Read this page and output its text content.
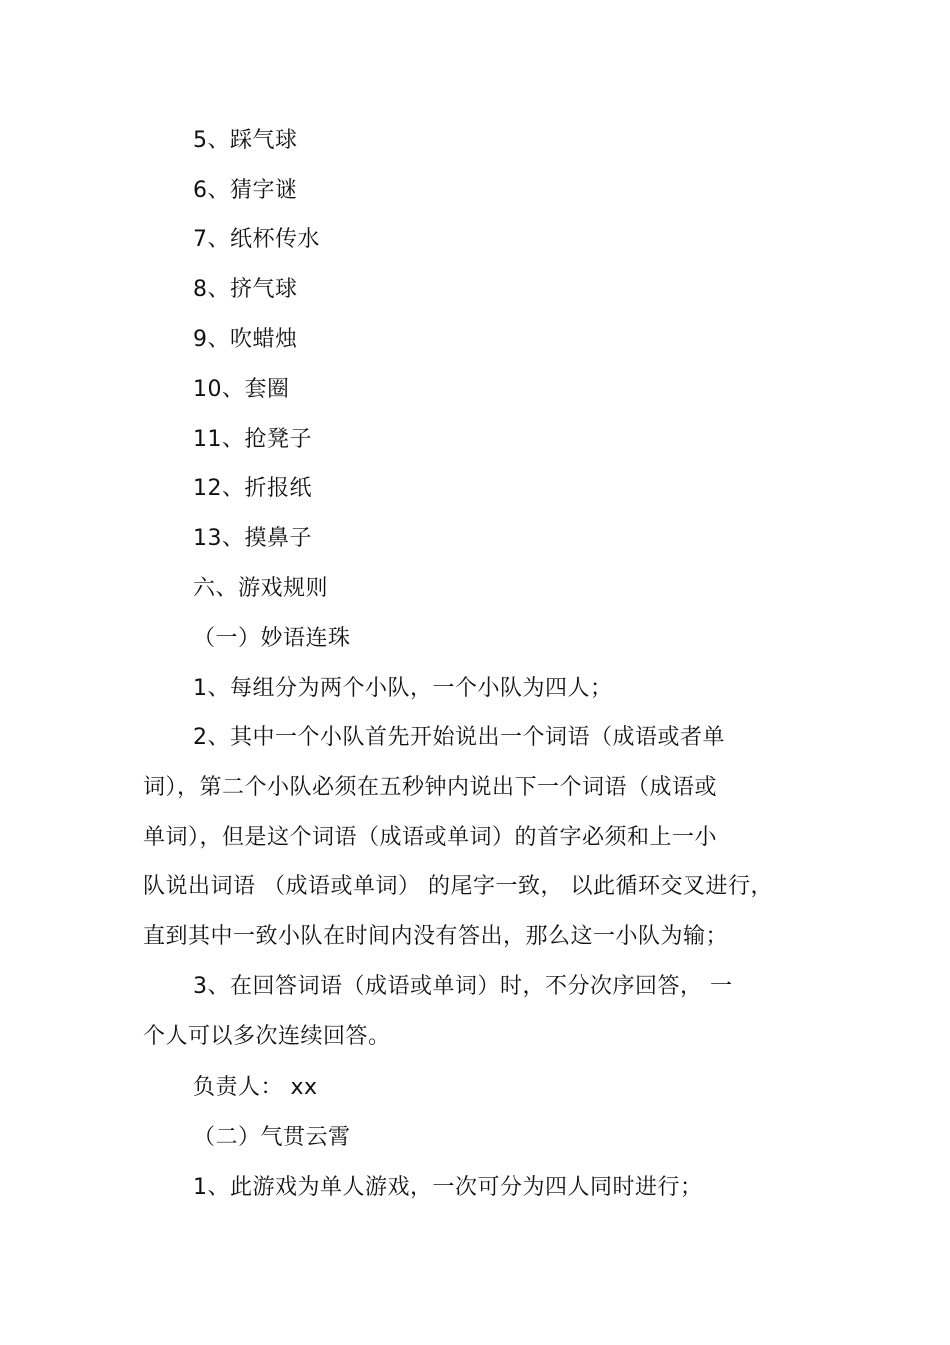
5、踩气球
6、猜字谜
7、纸杯传水
8、挤气球
9、吹蜡烛
10、套圈
11、抢凳子
12、折报纸
13、摸鼻子
六、游戏规则
（一）妙语连珠
1、每组分为两个小队，一个小队为四人；
2、其中一个小队首先开始说出一个词语（成语或者单
词），第二个小队必须在五秒钟内说出下一个词语（成语或
单词），但是这个词语（成语或单词）的首字必须和上一小
队说出词语 （成语或单词） 的尾字一致， 以此循环交叉进行，
直到其中一致小队在时间内没有答出，那么这一小队为输；
3、在回答词语（成语或单词）时，不分次序回答， 一
个人可以多次连续回答。
负责人： xx
（二）气贯云霄
1、此游戏为单人游戏，一次可分为四人同时进行；
